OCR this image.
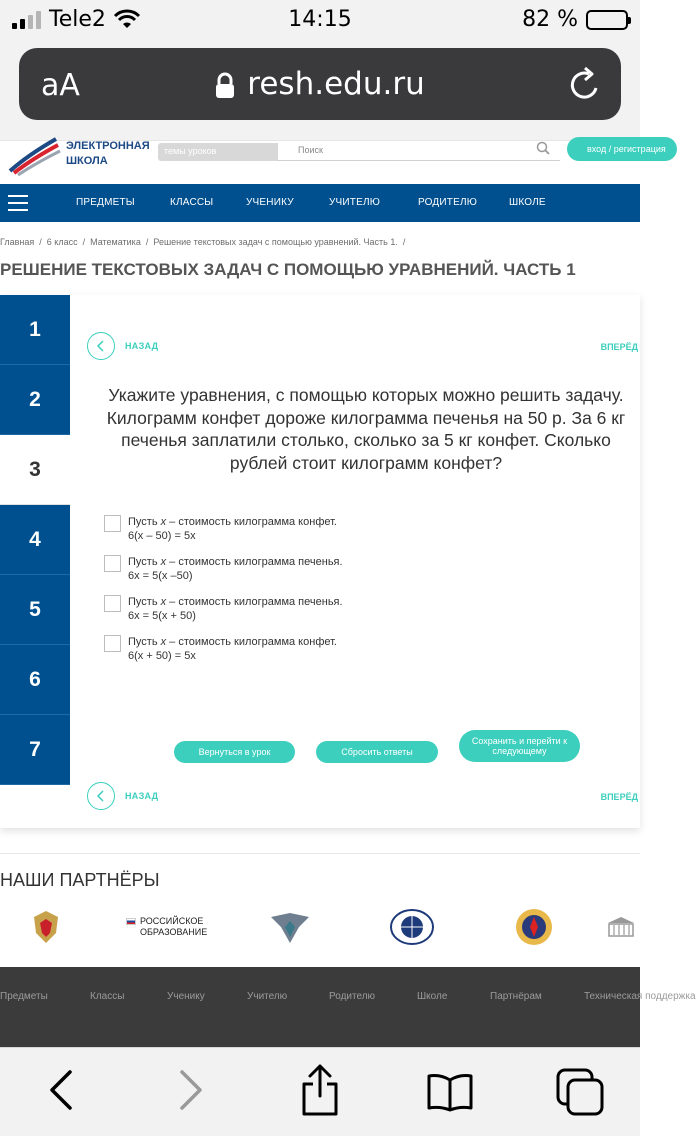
Tele2	14:15	82 %
aA	resh.edu.ru
ЭЛЕКТРОННАЯ
ШКОЛА
темы уроков	Поиск	вход / регистрация
ПРЕДМЕТЫ	КЛАССЫ	УЧЕНИКУ	УЧИТЕЛЮ	РОДИТЕЛЮ	ШКОЛЕ
Главная / 6 класс / Математика / Решение текстовых задач с помощью уравнений. Часть 1. /
РЕШЕНИЕ ТЕКСТОВЫХ ЗАДАЧ С ПОМОЩЬЮ УРАВНЕНИЙ. ЧАСТЬ 1
1
2
3
4
5
6
7
НАЗАД	ВПЕРЁД
Укажите уравнения, с помощью которых можно решить задачу. Килограмм конфет дороже килограмма печенья на 50 р. За 6 кг печенья заплатили столько, сколько за 5 кг конфет. Сколько рублей стоит килограмм конфет?
Пусть x – стоимость килограмма конфет.
6(x – 50) = 5x
Пусть x – стоимость килограмма печенья.
6x = 5(x –50)
Пусть x – стоимость килограмма печенья.
6x = 5(x + 50)
Пусть x – стоимость килограмма конфет.
6(x + 50) = 5x
Вернуться в урок	Сбросить ответы
Сохранить и перейти к
следующему
НАЗАД	ВПЕРЁД
НАШИ ПАРТНЁРЫ
РОССИЙСКОЕ
ОБРАЗОВАНИЕ
Предметы	Классы	Ученику	Учителю	Родителю	Школе	Партнёрам	Техническая поддержка
